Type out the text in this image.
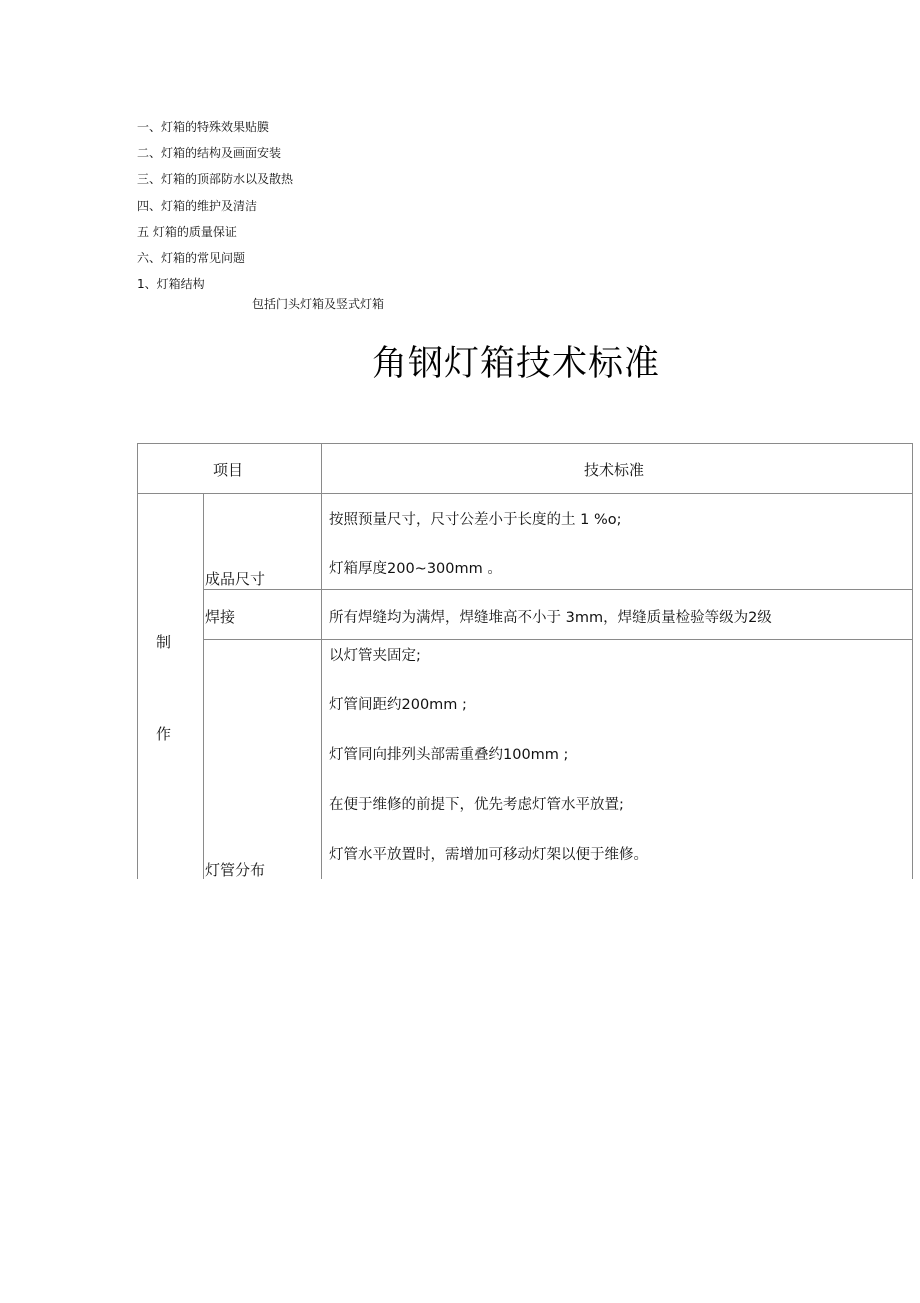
一、灯箱的特殊效果贴膜
二、灯箱的结构及画面安装
三、灯箱的顶部防水以及散热
四、灯箱的维护及清洁
五 灯箱的质量保证
六、灯箱的常见问题
1、灯箱结构
包括门头灯箱及竖式灯箱
角钢灯箱技术标准
项目	技术标准
制
作
成品尺寸
按照预量尺寸，尺寸公差小于长度的土 1 %o;
灯箱厚度200~300mm 。
焊接	所有焊缝均为满焊，焊缝堆高不小于 3mm，焊缝质量检验等级为2级
灯管分布
以灯管夹固定;
灯管间距约200mm ;
灯管同向排列头部需重叠约100mm ;
在便于维修的前提下，优先考虑灯管水平放置;
灯管水平放置时，需增加可移动灯架以便于维修。
